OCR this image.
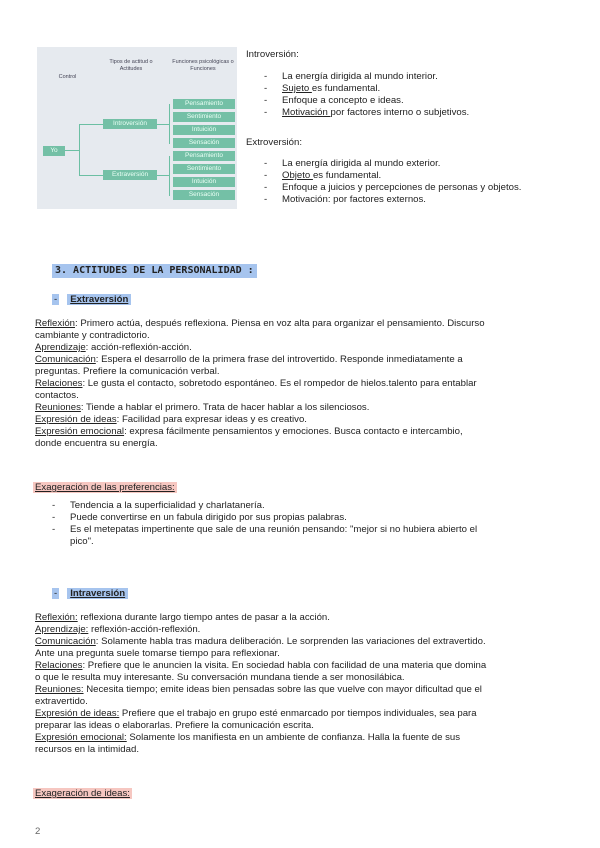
Control
Tipos de actitud o Actitudes
Funciones psicológicas o Funciones
Yo
Introversión
Extraversión
Pensamiento
Sentimiento
Intuición
Sensación
Pensamiento
Sentimiento
Intuición
Sensación
Introversión:
- La energía dirigida al mundo interior.
- Sujeto es fundamental.
- Enfoque a concepto e ideas.
- Motivación por factores interno o subjetivos.
Extroversión:
- La energía dirigida al mundo exterior.
- Objeto es fundamental.
- Enfoque a juicios y percepciones de personas y objetos.
- Motivación: por factores externos.
3. ACTITUDES DE LA PERSONALIDAD :
- Extraversión
Reflexión: Primero actúa, después reflexiona. Piensa en voz alta para organizar el pensamiento. Discurso
cambiante y contradictorio.
Aprendizaje: acción-reflexión-acción.
Comunicación: Espera el desarrollo de la primera frase del introvertido. Responde inmediatamente a
preguntas. Prefiere la comunicación verbal.
Relaciones: Le gusta el contacto, sobretodo espontáneo. Es el rompedor de hielos.talento para entablar
contactos.
Reuniones: Tiende a hablar el primero. Trata de hacer hablar a los silenciosos.
Expresión de ideas: Facilidad para expresar ideas y es creativo.
Expresión emocional: expresa fácilmente pensamientos y emociones. Busca contacto e intercambio,
donde encuentra su energía.
Exageración de las preferencias:
- Tendencia a la superficialidad y charlatanería.
- Puede convertirse en un fabula dirigido por sus propias palabras.
- Es el metepatas impertinente que sale de una reunión pensando: "mejor si no hubiera abierto el
pico".
- Intraversión
Reflexión: reflexiona durante largo tiempo antes de pasar a la acción.
Aprendizaje: reflexión-acción-reflexión.
Comunicación: Solamente habla tras madura deliberación. Le sorprenden las variaciones del extravertido.
Ante una pregunta suele tomarse tiempo para reflexionar.
Relaciones: Prefiere que le anuncien la visita. En sociedad habla con facilidad de una materia que domina
o que le resulta muy interesante. Su conversación mundana tiende a ser monosilábica.
Reuniones: Necesita tiempo; emite ideas bien pensadas sobre las que vuelve con mayor dificultad que el
extravertido.
Expresión de ideas: Prefiere que el trabajo en grupo esté enmarcado por tiempos individuales, sea para
preparar las ideas o elaborarlas. Prefiere la comunicación escrita.
Expresión emocional: Solamente los manifiesta en un ambiente de confianza. Halla la fuente de sus
recursos en la intimidad.
Exageración de ideas:
2
